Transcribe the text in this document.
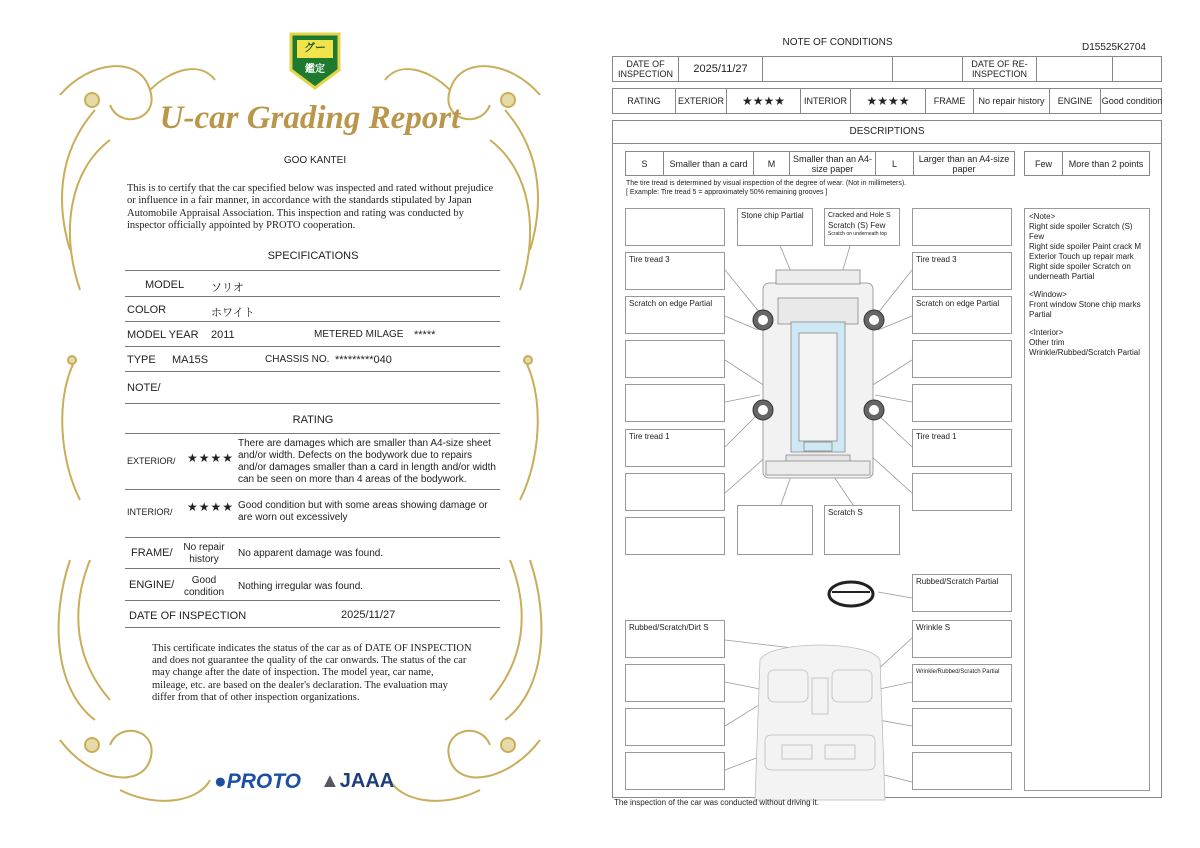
グー
鑑定
U-car Grading Report
GOO KANTEI
This is to certify that the car specified below was inspected and rated without prejudice or influence in a fair manner, in accordance with the standards stipulated by Japan Automobile Appraisal Association. This inspection and rating was conducted by inspector officially appointed by PROTO cooperation.
SPECIFICATIONS
MODEL ソリオ
COLOR	ホワイト
MODEL YEAR 2011	METERED MILAGE *****
TYPE MA15S	CHASSIS NO. *********040
NOTE/
RATING
EXTERIOR/ ★★★★
There are damages which are smaller than A4-size sheet and/or width. Defects on the bodywork due to repairs and/or damages smaller than a card in length and/or width can be seen on more than 4 areas of the bodywork.
INTERIOR/ ★★★★ Good condition but with some areas showing damage or are worn out excessively
FRAME/	No repair history
No apparent damage was found.
ENGINE/	Good condition
Nothing irregular was found.
DATE OF INSPECTION	2025/11/27
This certificate indicates the status of the car as of DATE OF INSPECTION and does not guarantee the quality of the car onwards. The status of the car may change after the date of inspection. The model year, car name, mileage, etc. are based on the dealer's declaration. The evaluation may differ from that of other inspection organizations.
●PROTO ▲JAAA
NOTE OF CONDITIONS	D15525K2704
DATE OF INSPECTION	2025/11/27	DATE OF RE-INSPECTION
RATING	EXTERIOR	★★★★	INTERIOR	★★★★	FRAME	No repair history	ENGINE	Good condition
DESCRIPTIONS
S	Smaller than a card	M	Smaller than an A4-size paper	L	Larger than an A4-size paper	Few	More than 2 points
The tire tread is determined by visual inspection of the degree of wear. (Not in millimeters).
[ Example: Tire tread 5 = approximately 50% remaining grooves ]
Stone chip Partial	Cracked and Hole S
Scratch (S) Few
Scratch on underneath top
Tire tread 3	Tire tread 3
Scratch on edge Partial	Scratch on edge Partial
Tire tread 1	Tire tread 1
Scratch S
Rubbed/Scratch Partial
Rubbed/Scratch/Dirt S	Wrinkle S
Wrinkle/Rubbed/Scratch Partial
<Note>
Right side spoiler Scratch (S) Few
Right side spoiler Paint crack M
Exterior Touch up repair mark
Right side spoiler Scratch on underneath Partial
<Window>
Front window Stone chip marks Partial
<Interior>
Other trim
Wrinkle/Rubbed/Scratch Partial
The inspection of the car was conducted without driving it.
